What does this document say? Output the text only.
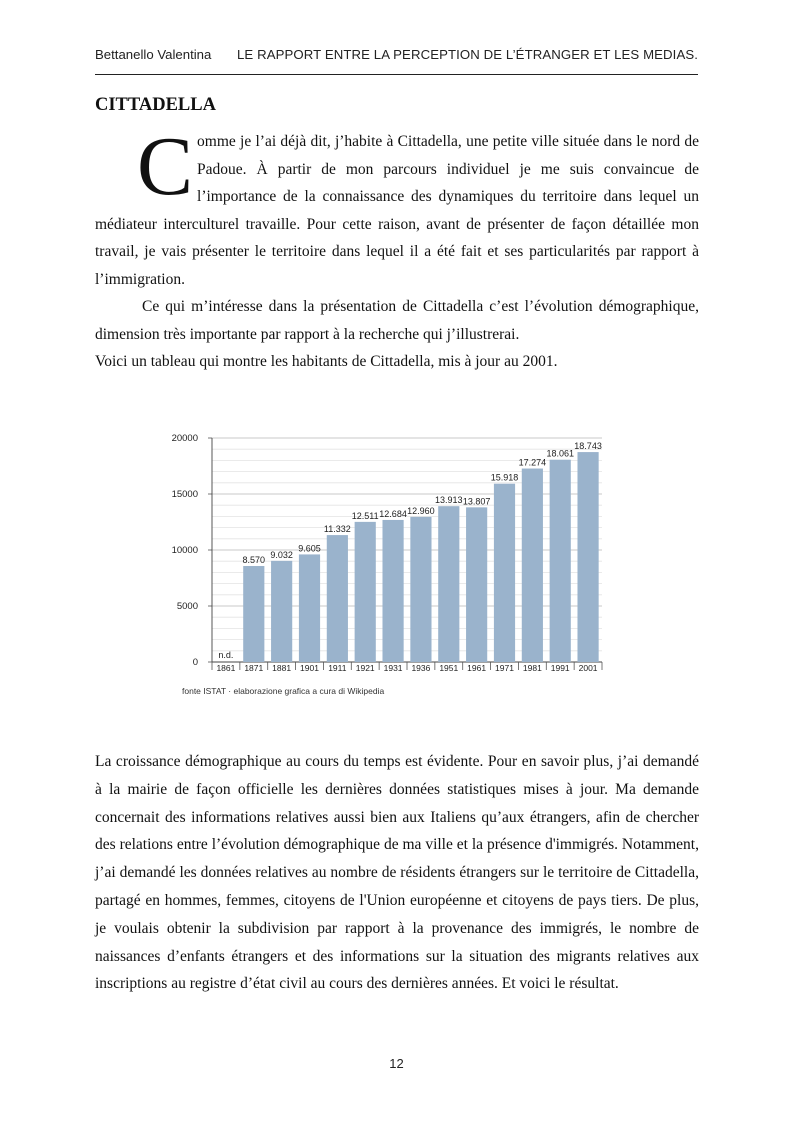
Bettanello Valentina LE RAPPORT ENTRE LA PERCEPTION DE L’ÉTRANGER ET LES MEDIAS.
CITTADELLA

Comme je l’ai déjà dit, j’habite à Cittadella, une petite ville située dans le nord de Padoue. À partir de mon parcours individuel je me suis convaincue de l’importance de la connaissance des dynamiques du territoire dans lequel un médiateur interculturel travaille. Pour cette raison, avant de présenter de façon détaillée mon travail, je vais présenter le territoire dans lequel il a été fait et ses particularités par rapport à l’immigration.

Ce qui m’intéresse dans la présentation de Cittadella c’est l’évolution démographique, dimension très importante par rapport à la recherche qui j’illustrerai.

Voici un tableau qui montre les habitants de Cittadella, mis à jour au 2001.

0
5000
10000
15000
20000
n.d.
1861
8.570
1871
9.032
1881
9.605
1901
11.332
1911
12.511
1921
12.684
1931
12.960
1936
13.913
1951
13.807
1961
15.918
1971
17.274
1981
18.061
1991
18.743
2001
fonte ISTAT · elaborazione grafica a cura di Wikipedia

La croissance démographique au cours du temps est évidente. Pour en savoir plus, j’ai demandé à la mairie de façon officielle les dernières données statistiques mises à jour. Ma demande concernait des informations relatives aussi bien aux Italiens qu’aux étrangers, afin de chercher des relations entre l’évolution démographique de ma ville et la présence d'immigrés. Notamment, j’ai demandé les données relatives au nombre de résidents étrangers sur le territoire de Cittadella, partagé en hommes, femmes, citoyens de l'Union européenne et citoyens de pays tiers. De plus, je voulais obtenir la subdivision par rapport à la provenance des immigrés, le nombre de naissances d’enfants étrangers et des informations sur la situation des migrants relatives aux inscriptions au registre d’état civil au cours des dernières années. Et voici le résultat.

12
